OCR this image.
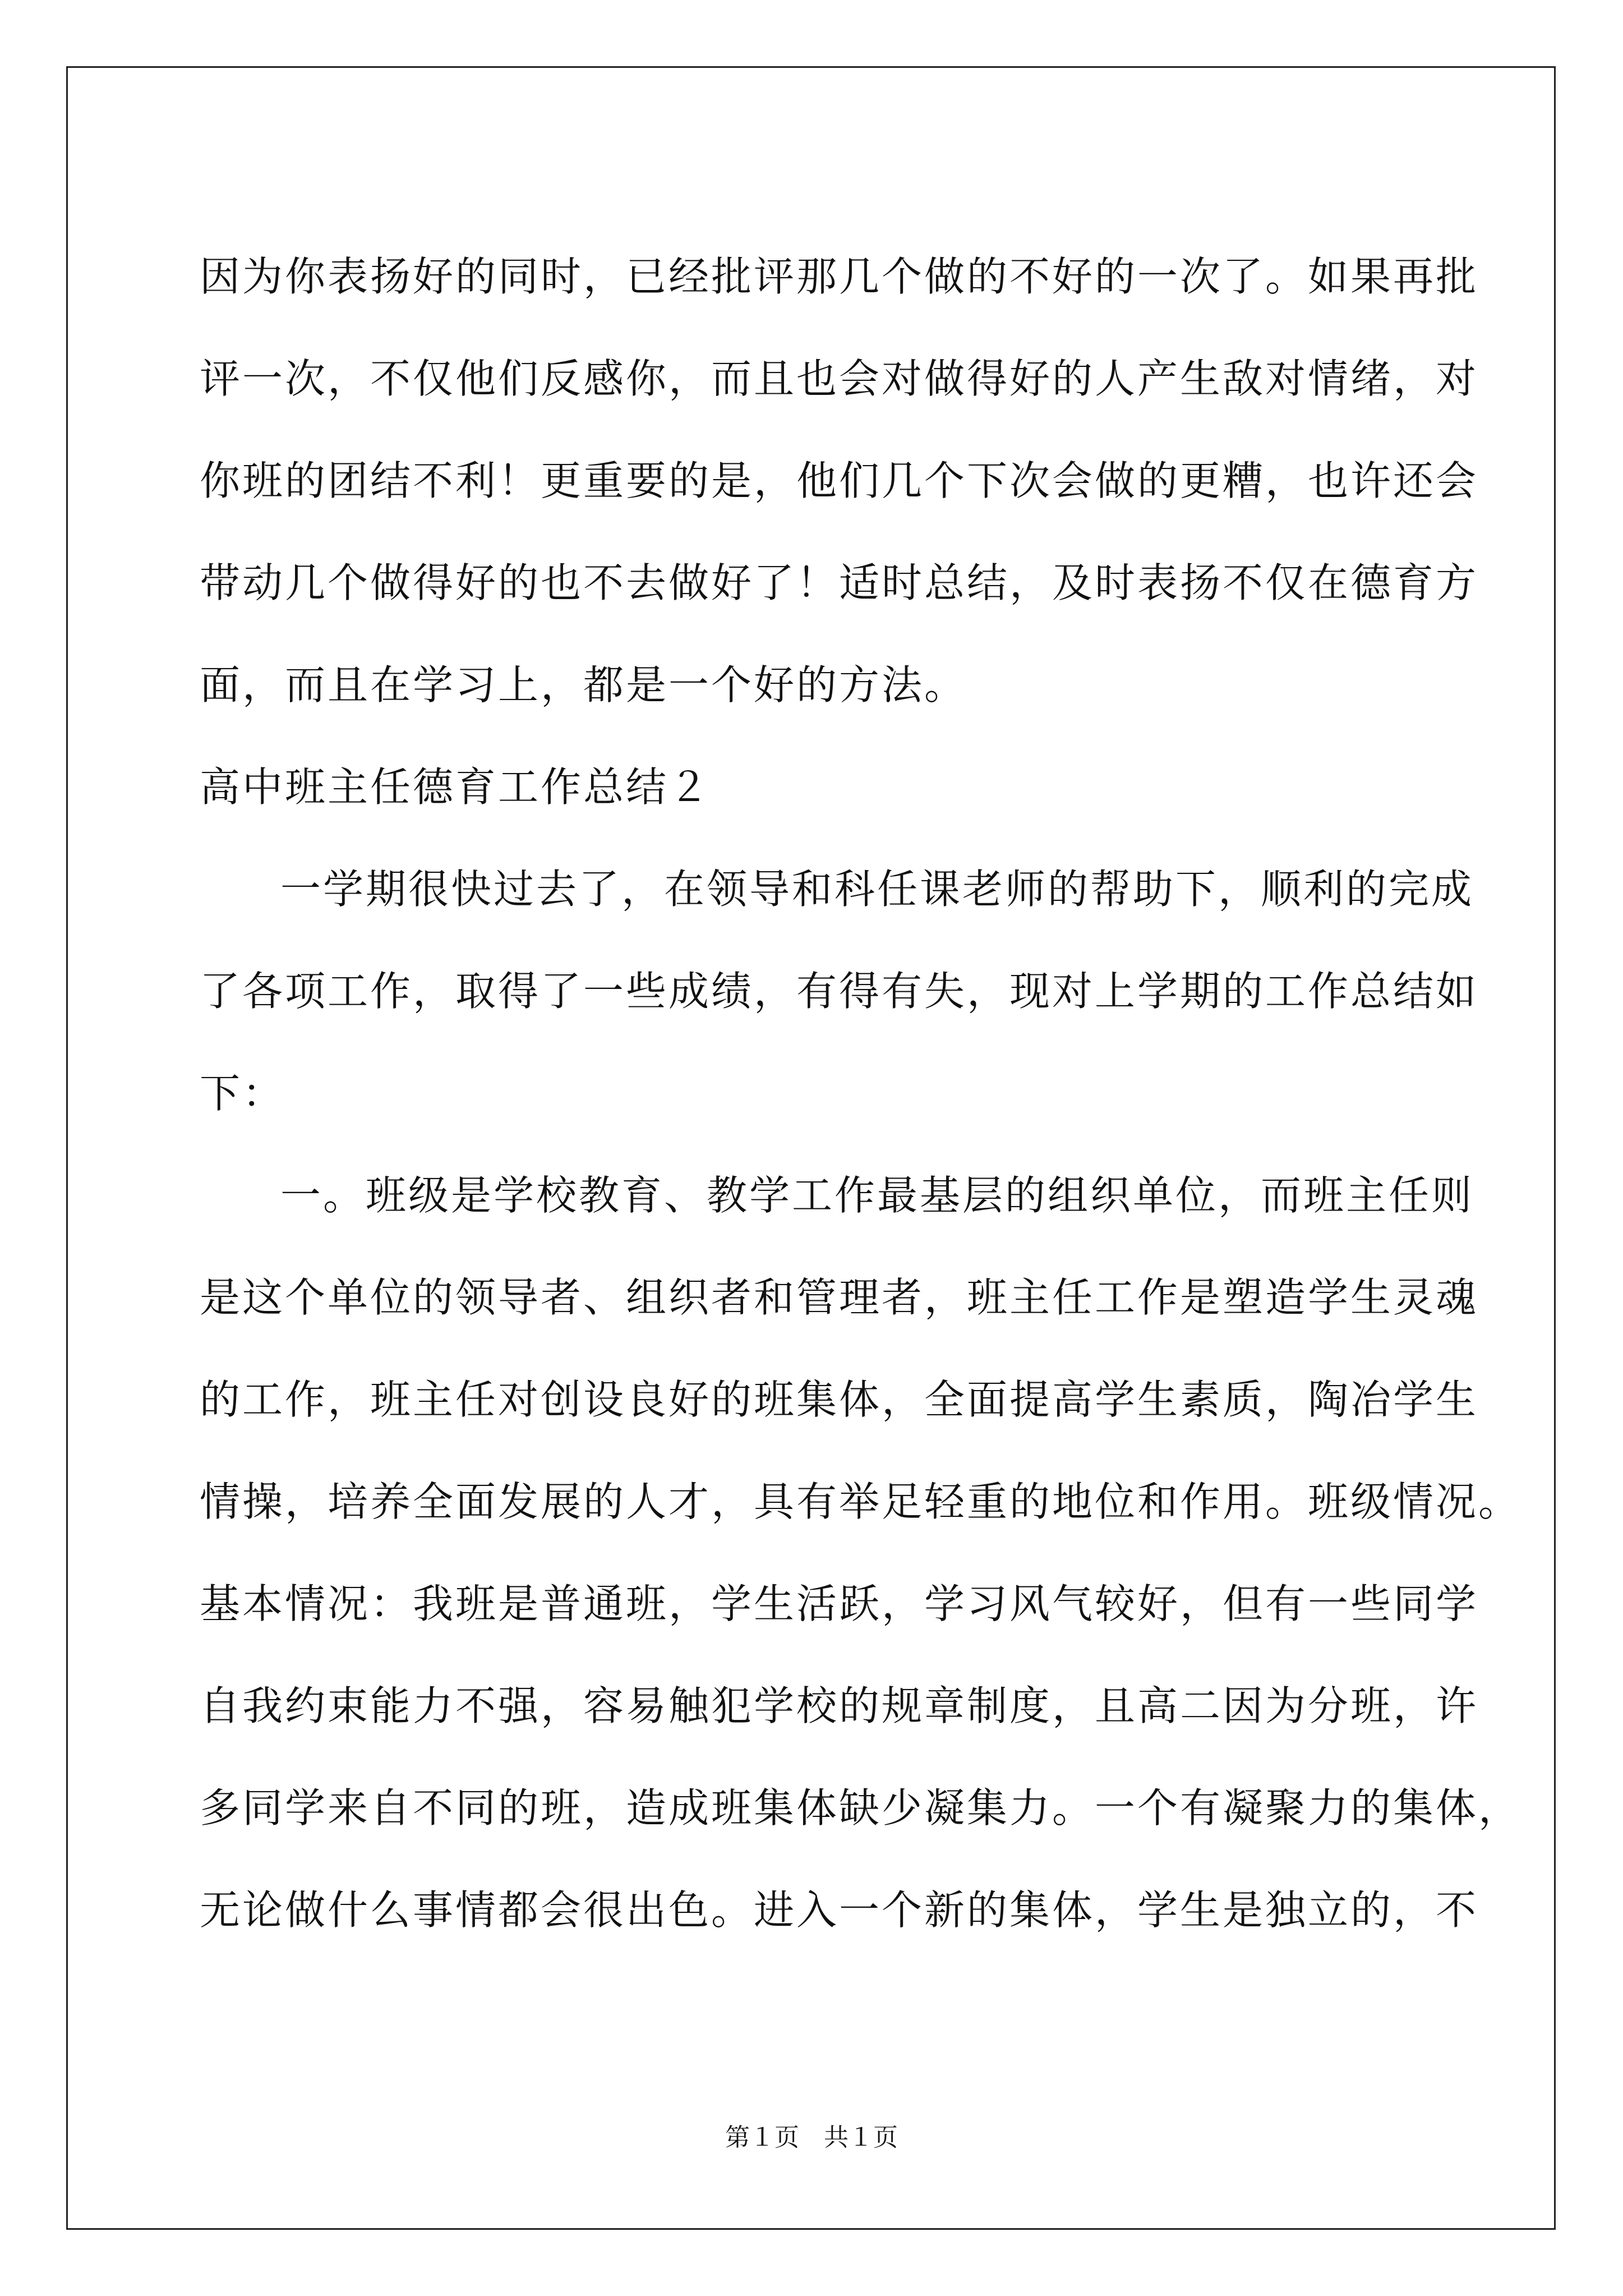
因为你表扬好的同时，已经批评那几个做的不好的一次了。如果再批
评一次，不仅他们反感你，而且也会对做得好的人产生敌对情绪，对
你班的团结不利！更重要的是，他们几个下次会做的更糟，也许还会
带动几个做得好的也不去做好了！适时总结，及时表扬不仅在德育方
面，而且在学习上，都是一个好的方法。
高中班主任德育工作总结２
一学期很快过去了，在领导和科任课老师的帮助下，顺利的完成
了各项工作，取得了一些成绩，有得有失，现对上学期的工作总结如
下：
一。班级是学校教育、教学工作最基层的组织单位，而班主任则
是这个单位的领导者、组织者和管理者，班主任工作是塑造学生灵魂
的工作，班主任对创设良好的班集体，全面提高学生素质，陶冶学生
情操，培养全面发展的人才，具有举足轻重的地位和作用。班级情况。
基本情况：我班是普通班，学生活跃，学习风气较好，但有一些同学
自我约束能力不强，容易触犯学校的规章制度，且高二因为分班，许
多同学来自不同的班，造成班集体缺少凝集力。一个有凝聚力的集体，
无论做什么事情都会很出色。进入一个新的集体，学生是独立的，不
第１页　共１页
